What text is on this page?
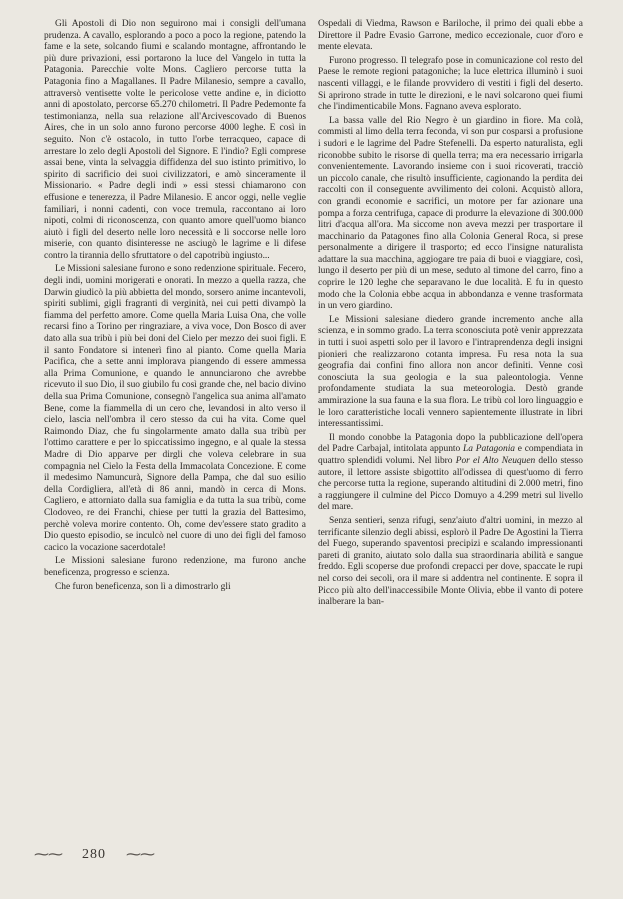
Gli Apostoli di Dio non seguirono mai i consigli dell'umana prudenza. A cavallo, esplorando a poco a poco la regione, patendo la fame e la sete, solcando fiumi e scalando montagne, affrontando le più dure privazioni, essi portarono la luce del Vangelo in tutta la Patagonia. Parecchie volte Mons. Cagliero percorse tutta la Patagonia fino a Magallanes. Il Padre Milanesio, sempre a cavallo, attraversò ventisette volte le pericolose vette andine e, in diciotto anni di apostolato, percorse 65.270 chilometri. Il Padre Pedemonte fa testimonianza, nella sua relazione all'Arcivescovado di Buenos Aires, che in un solo anno furono percorse 4000 leghe. E così in seguito. Non c'è ostacolo, in tutto l'orbe terracqueo, capace di arrestare lo zelo degli Apostoli del Signore. E l'indio? Egli comprese assai bene, vinta la selvaggia diffidenza del suo istinto primitivo, lo spirito di sacrificio dei suoi civilizzatori, e amò sinceramente il Missionario. « Padre degli indi » essi stessi chiamarono con effusione e tenerezza, il Padre Milanesio. E ancor oggi, nelle veglie familiari, i nonni cadenti, con voce tremula, raccontano ai loro nipoti, colmi di riconoscenza, con quanto amore quell'uomo bianco aiutò i figli del deserto nelle loro necessità e li soccorse nelle loro miserie, con quanto disinteresse ne asciugò le lagrime e li difese contro la tirannia dello sfruttatore o del capotribù ingiusto...

Le Missioni salesiane furono e sono redenzione spirituale. Fecero, degli indi, uomini morigerati e onorati. In mezzo a quella razza, che Darwin giudicò la più abbietta del mondo, sorsero anime incantevoli, spiriti sublimi, gigli fragranti di verginità, nei cui petti divampò la fiamma del perfetto amore. Come quella Maria Luisa Ona, che volle recarsi fino a Torino per ringraziare, a viva voce, Don Bosco di aver dato alla sua tribù i più bei doni del Cielo per mezzo dei suoi figli. E il santo Fondatore si intenerì fino al pianto. Come quella Maria Pacifica, che a sette anni implorava piangendo di essere ammessa alla Prima Comunione, e quando le annunciarono che avrebbe ricevuto il suo Dio, il suo giubilo fu così grande che, nel bacio divino della sua Prima Comunione, consegnò l'angelica sua anima all'amato Bene, come la fiammella di un cero che, levandosi in alto verso il cielo, lascia nell'ombra il cero stesso da cui ha vita. Come quel Raimondo Diaz, che fu singolarmente amato dalla sua tribù per l'ottimo carattere e per lo spiccatissimo ingegno, e al quale la stessa Madre di Dio apparve per dirgli che voleva celebrare in sua compagnia nel Cielo la Festa della Immacolata Concezione. E come il medesimo Namuncurà, Signore della Pampa, che dal suo esilio della Cordigliera, all'età di 86 anni, mandò in cerca di Mons. Cagliero, e attorniato dalla sua famiglia e da tutta la sua tribù, come Clodoveo, re dei Franchi, chiese per tutti la grazia del Battesimo, perchè voleva morire contento. Oh, come dev'essere stato gradito a Dio questo episodio, se inculcò nel cuore di uno dei figli del famoso cacico la vocazione sacerdotale!

Le Missioni salesiane furono redenzione, ma furono anche beneficenza, progresso e scienza.

Che furon beneficenza, son lì a dimostrarlo gli

Ospedali di Viedma, Rawson e Bariloche, il primo dei quali ebbe a Direttore il Padre Evasio Garrone, medico eccezionale, cuor d'oro e mente elevata.

Furono progresso. Il telegrafo pose in comunicazione col resto del Paese le remote regioni patagoniche; la luce elettrica illuminò i suoi nascenti villaggi, e le filande provvidero di vestiti i figli del deserto. Si aprirono strade in tutte le direzioni, e le navi solcarono quei fiumi che l'indimenticabile Mons. Fagnano aveva esplorato.

La bassa valle del Rio Negro è un giardino in fiore. Ma colà, commisti al limo della terra feconda, vi son pur cosparsi a profusione i sudori e le lagrime del Padre Stefenelli. Da esperto naturalista, egli riconobbe subito le risorse di quella terra; ma era necessario irrigarla convenientemente. Lavorando insieme con i suoi ricoverati, tracciò un piccolo canale, che risultò insufficiente, cagionando la perdita dei raccolti con il conseguente avvilimento dei coloni. Acquistò allora, con grandi economie e sacrifici, un motore per far azionare una pompa a forza centrifuga, capace di produrre la elevazione di 300.000 litri d'acqua all'ora. Ma siccome non aveva mezzi per trasportare il macchinario da Patagones fino alla Colonia General Roca, si prese personalmente a dirigere il trasporto; ed ecco l'insigne naturalista adattare la sua macchina, aggiogare tre paia di buoi e viaggiare, così, lungo il deserto per più di un mese, seduto al timone del carro, fino a coprire le 120 leghe che separavano le due località. E fu in questo modo che la Colonia ebbe acqua in abbondanza e venne trasformata in un vero giardino.

Le Missioni salesiane diedero grande incremento anche alla scienza, e in sommo grado. La terra sconosciuta potè venir apprezzata in tutti i suoi aspetti solo per il lavoro e l'intraprendenza degli insigni pionieri che realizzarono cotanta impresa. Fu resa nota la sua geografia dai confini fino allora non ancor definiti. Venne così conosciuta la sua geologia e la sua paleontologia. Venne profondamente studiata la sua meteorologia. Destò grande ammirazione la sua fauna e la sua flora. Le tribù col loro linguaggio e le loro caratteristiche locali vennero sapientemente illustrate in libri interessantissimi.

Il mondo conobbe la Patagonia dopo la pubblicazione dell'opera del Padre Carbajal, intitolata appunto La Patagonia e compendiata in quattro splendidi volumi. Nel libro Por el Alto Neuquen dello stesso autore, il lettore assiste sbigottito all'odissea di quest'uomo di ferro che percorse tutta la regione, superando altitudini di 2.000 metri, fino a raggiungere il culmine del Picco Domuyo a 4.299 metri sul livello del mare.

Senza sentieri, senza rifugi, senz'aiuto d'altri uomini, in mezzo al terrificante silenzio degli abissi, esplorò il Padre De Agostini la Tierra del Fuego, superando spaventosi precipizi e scalando impressionanti pareti di granito, aiutato solo dalla sua straordinaria abilità e sangue freddo. Egli scoperse due profondi crepacci per dove, spaccate le rupi nel corso dei secoli, ora il mare si addentra nel continente. E sopra il Picco più alto dell'inaccessibile Monte Olivia, ebbe il vanto di potere inalberare la ban-

⁓⁓ 280 ⁓⁓
